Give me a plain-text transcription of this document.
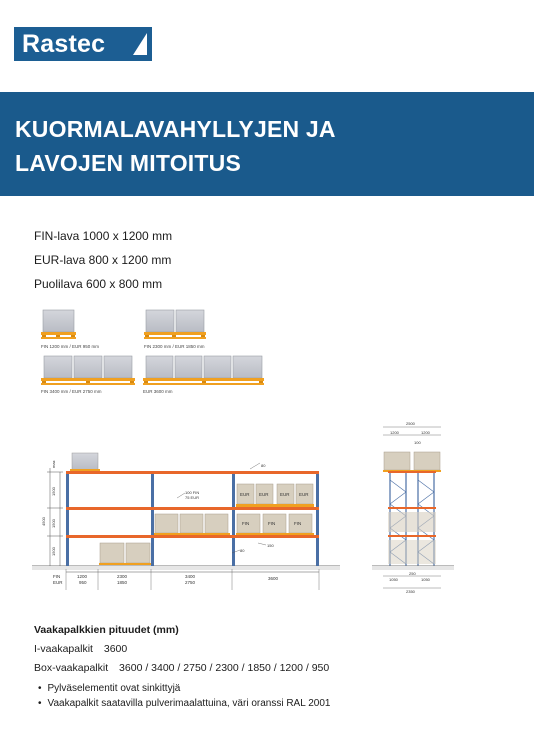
Rastec
KUORMALAVAHYLLYJEN JA
LAVOJEN MITOITUS
FIN-lava 1000 x 1200 mm
EUR-lava 800 x 1200 mm
Puolilava 600 x 800 mm
FIN 1200 mm / EUR 950 mm	FIN 2300 mm / EUR 1850 mm
FIN 3400 mm / EUR 2750 mm	EUR 3600 mm
EUR EUR	EUR EUR
FIN	FIN	FIN
80
100 FIN
75 EUR
150
80
max
1500
1500
1500
4500
FIN
EUR
1200
950
2300
1850
3400
2750
3600
2500
1200	1200
100
1050
250
1050
2350
Vaakapalkkien pituudet (mm)
I-vaakapalkit 3600
Box-vaakapalkit 3600 / 3400 / 2750 / 2300 / 1850 / 1200 / 950
• Pylväselementit ovat sinkittyjä
• Vaakapalkit saatavilla pulverimaalattuina, väri oranssi RAL 2001
